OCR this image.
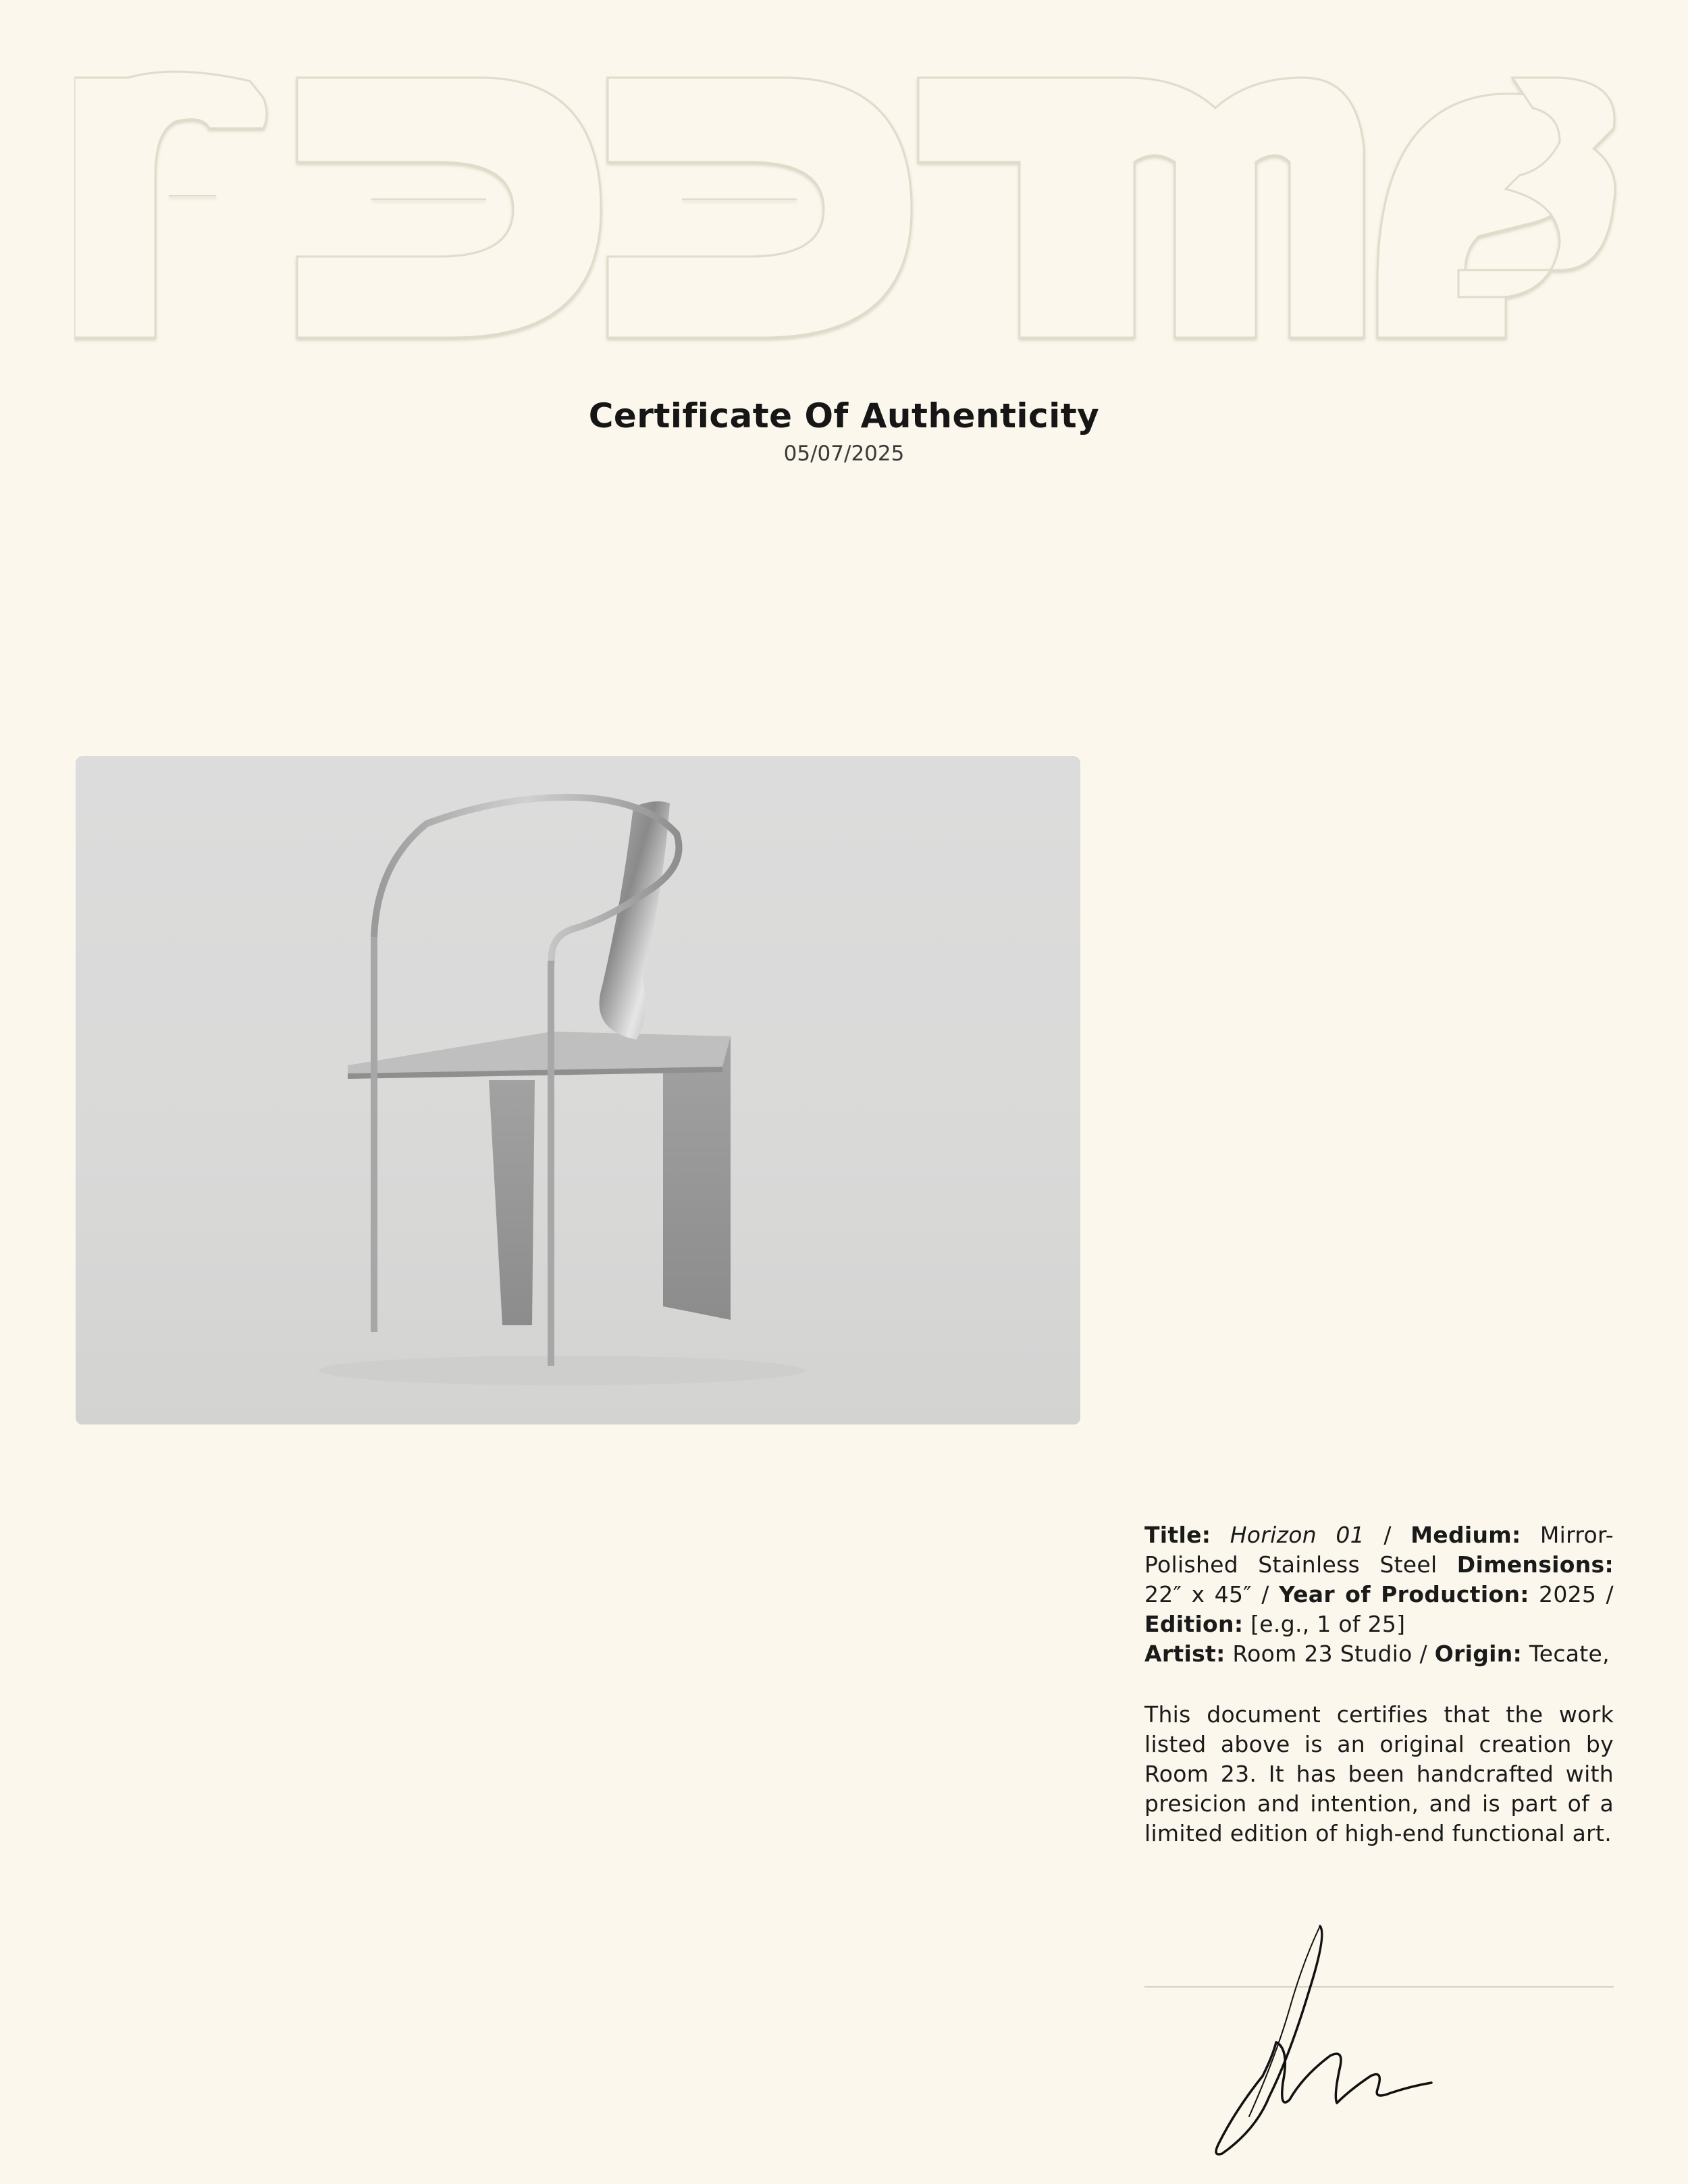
Certificate Of Authenticity
05/07/2025
Title: Horizon 01 / Medium: Mirror-Polished Stainless Steel Dimensions: 22″ x 45″ / Year of Production: 2025 / Edition: [e.g., 1 of 25]
Artist: Room 23 Studio / Origin: Tecate,
This document certifies that the work listed above is an original creation by Room 23. It has been handcrafted with presicion and intention, and is part of a limited edition of high-end functional art.
